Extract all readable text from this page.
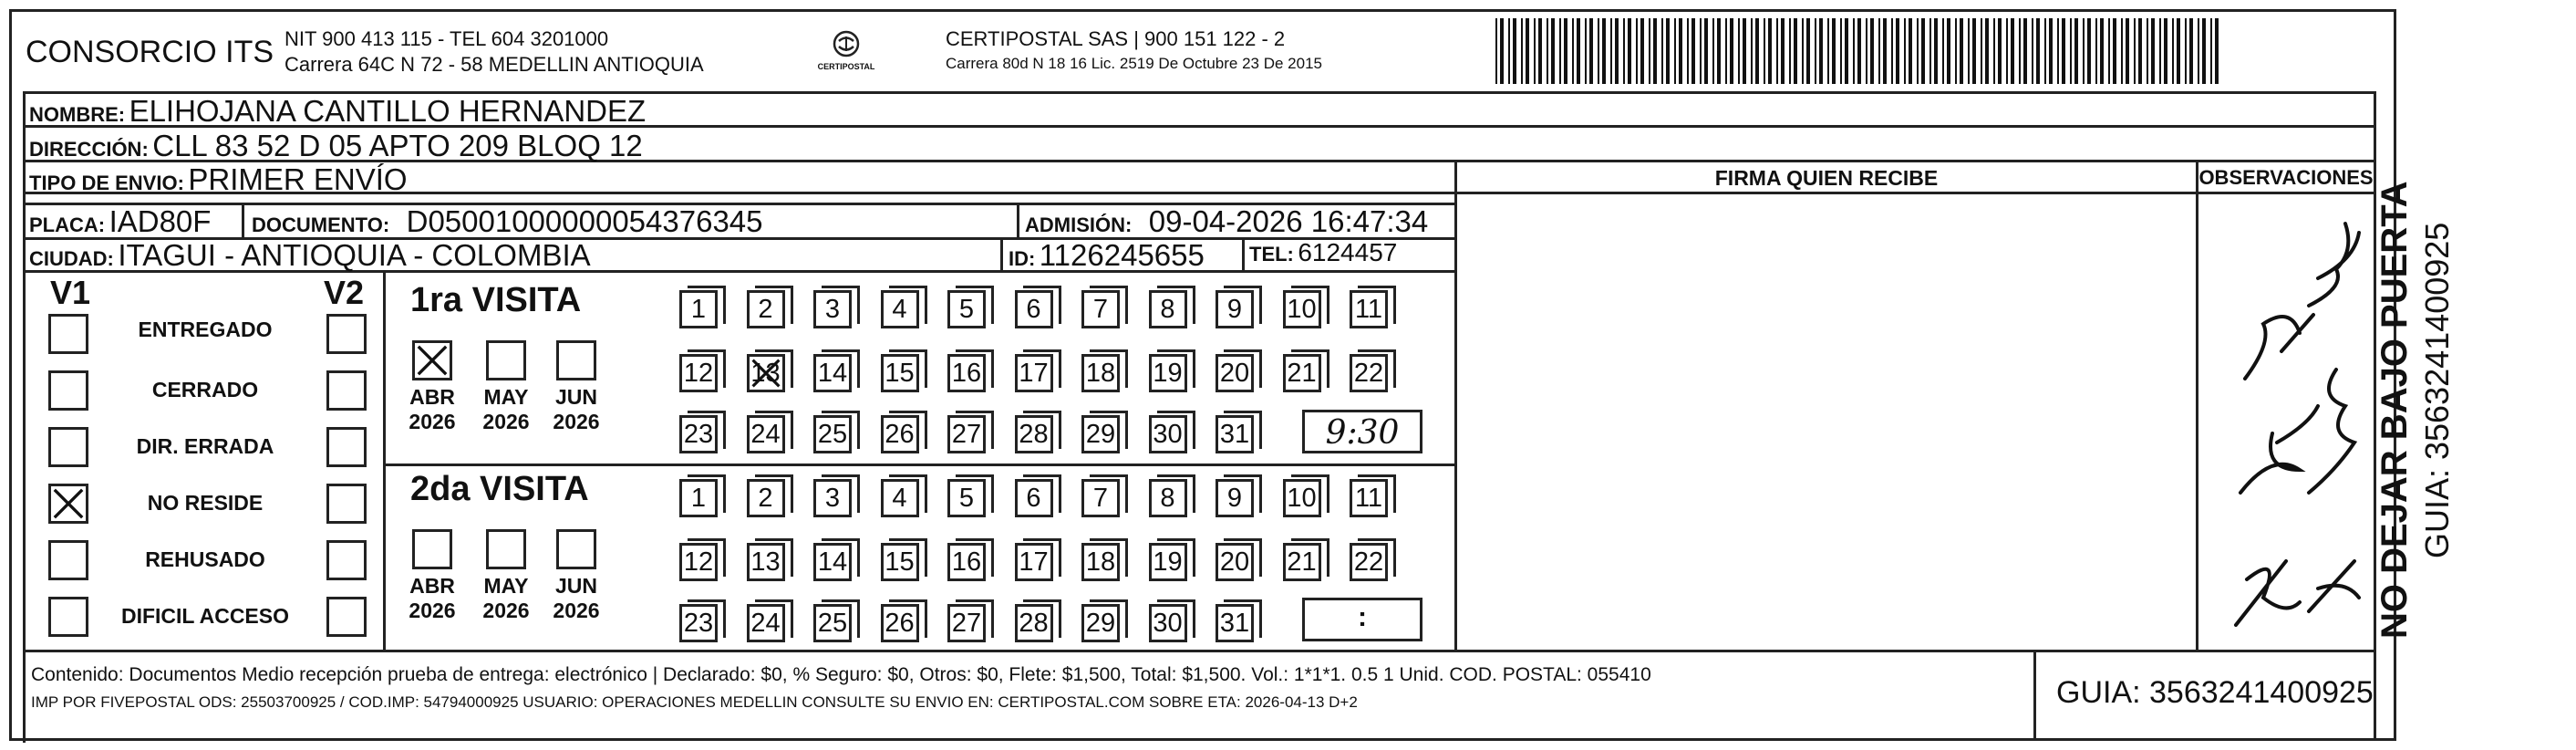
CONSORCIO ITS NIT 900 413 115 - TEL 604 3201000
Carrera 64C N 72 - 58 MEDELLIN ANTIOQUIA	CERTIPOSTAL
CERTIPOSTAL SAS | 900 151 122 - 2
Carrera 80d N 18 16 Lic. 2519 De Octubre 23 De 2015
NOMBRE: ELIHOJANA CANTILLO HERNANDEZ
DIRECCIÓN: CLL 83 52 D 05 APTO 209 BLOQ 12
TIPO DE ENVIO: PRIMER ENVÍO	FIRMA QUIEN RECIBE	OBSERVACIONES
PLACA: IAD80F DOCUMENTO: D05001000000054376345	ADMISIÓN: 09-04-2026 16:47:34
CIUDAD: ITAGUI - ANTIOQUIA - COLOMBIA	ID: 1126245655 TEL: 6124457
V1	V2
ENTREGADO
CERRADO
DIR. ERRADA
NO RESIDE
REHUSADO
DIFICIL ACCESO
1ra VISITA
2da VISITA
ABR
2026
MAY
2026
JUN
2026
1	2	3	4	5	6	7	8	9	10 11
12 13 14 15 16 17 18 19 20 21 22
23 24 25 26 27 28 29 30 31
ABR
2026
MAY
2026
JUN
2026
1	2	3	4	5	6	7	8	9	10 11
12 13 14 15 16 17 18 19 20 21 22
23 24 25 26 27 28 29 30 31
9:30
:	NO DEJAR BAJO PUERTA GUIA: 3563241400925
Contenido: Documentos Medio recepción prueba de entrega: electrónico | Declarado: $0, % Seguro: $0, Otros: $0, Flete: $1,500, Total: $1,500. Vol.: 1*1*1. 0.5 1 Unid. COD. POSTAL: 055410
IMP POR FIVEPOSTAL ODS: 25503700925 / COD.IMP: 54794000925 USUARIO: OPERACIONES MEDELLIN CONSULTE SU ENVIO EN: CERTIPOSTAL.COM SOBRE ETA: 2026-04-13 D+2	GUIA: 3563241400925
